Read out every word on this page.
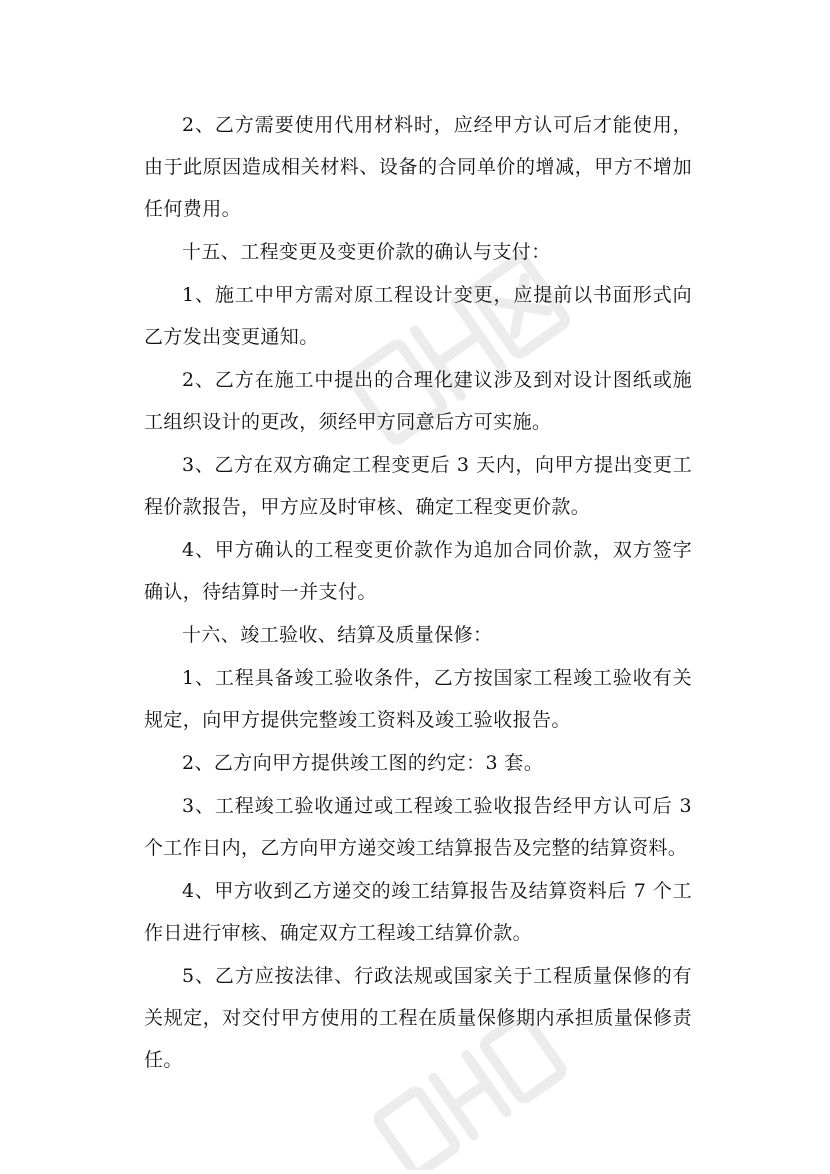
2、乙方需要使用代用材料时，应经甲方认可后才能使用，由于此原因造成相关材料、设备的合同单价的增减，甲方不增加任何费用。

十五、工程变更及变更价款的确认与支付：

1、施工中甲方需对原工程设计变更，应提前以书面形式向乙方发出变更通知。

2、乙方在施工中提出的合理化建议涉及到对设计图纸或施工组织设计的更改，须经甲方同意后方可实施。

3、乙方在双方确定工程变更后 3 天内，向甲方提出变更工程价款报告，甲方应及时审核、确定工程变更价款。

4、甲方确认的工程变更价款作为追加合同价款，双方签字确认，待结算时一并支付。

十六、竣工验收、结算及质量保修：

1、工程具备竣工验收条件，乙方按国家工程竣工验收有关规定，向甲方提供完整竣工资料及竣工验收报告。

2、乙方向甲方提供竣工图的约定：3 套。

3、工程竣工验收通过或工程竣工验收报告经甲方认可后 3 个工作日内，乙方向甲方递交竣工结算报告及完整的结算资料。

4、甲方收到乙方递交的竣工结算报告及结算资料后 7 个工作日进行审核、确定双方工程竣工结算价款。

5、乙方应按法律、行政法规或国家关于工程质量保修的有关规定，对交付甲方使用的工程在质量保修期内承担质量保修责任。
